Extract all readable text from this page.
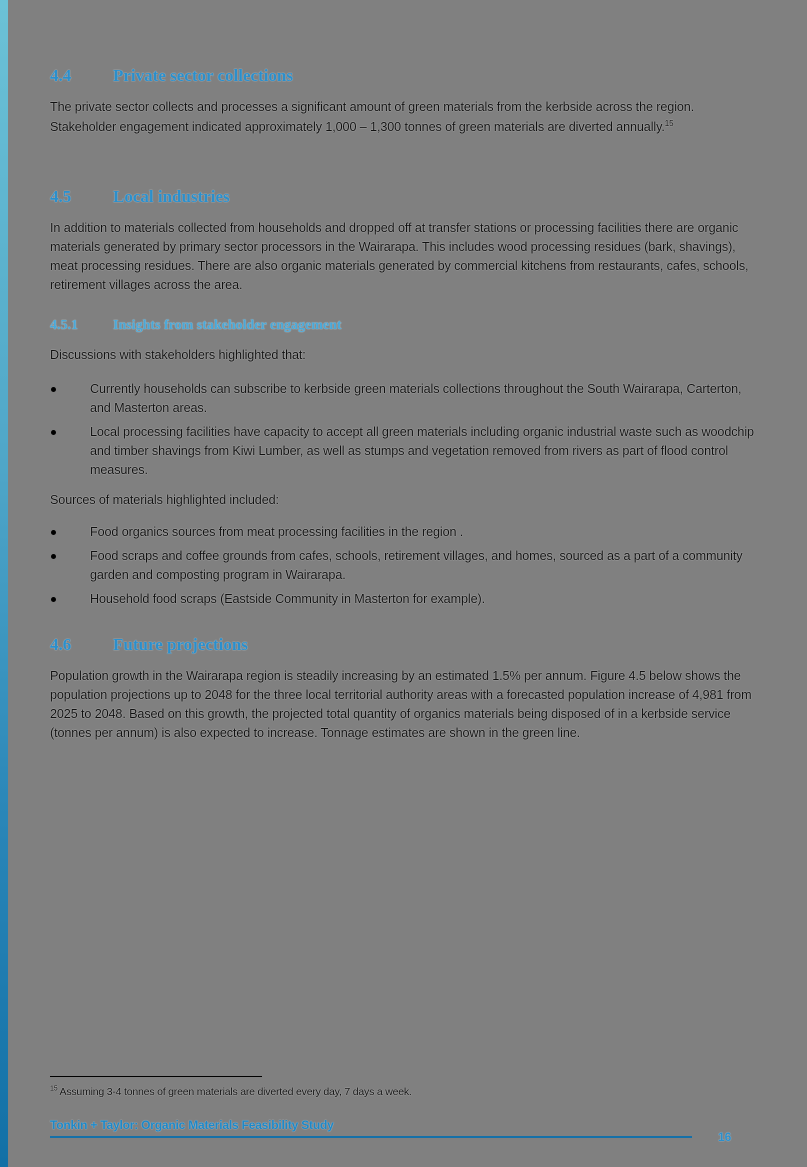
4.4 Private sector collections
The private sector collects and processes a significant amount of green materials from the kerbside across the region. Stakeholder engagement indicated approximately 1,000 – 1,300 tonnes of green materials are diverted annually.$^{15}$
4.5 Local industries
In addition to materials collected from households and dropped off at transfer stations or processing facilities there are organic materials generated by primary sector processors in the Wairarapa. This includes wood processing residues (bark, shavings), meat processing residues. There are also organic materials generated by commercial kitchens from restaurants, cafes, schools, retirement villages across the area.
4.5.1	Insights from stakeholder engagement
Discussions with stakeholders highlighted that:
Currently households can subscribe to kerbside green materials collections throughout the South Wairarapa, Carterton, and Masterton areas.
Local processing facilities have capacity to accept all green materials including organic industrial waste such as woodchip and timber shavings from Kiwi Lumber, as well as stumps and vegetation removed from rivers as part of flood control measures.
Sources of materials highlighted included:
Food organics sources from meat processing facilities in the region .
Food scraps and coffee grounds from cafes, schools, retirement villages, and homes, sourced as a part of a community garden and composting program in Wairarapa.
Household food scraps (Eastside Community in Masterton for example).
4.6 Future projections
Population growth in the Wairarapa region is steadily increasing by an estimated 1.5% per annum. Figure 4.5 below shows the population projections up to 2048 for the three local territorial authority areas with a forecasted population increase of 4,981 from 2025 to 2048. Based on this growth, the projected total quantity of organics materials being disposed of in a kerbside service (tonnes per annum) is also expected to increase. Tonnage estimates are shown in the green line.
$^{15}$ Assuming 3-4 tonnes of green materials are diverted every day, 7 days a week.
Tonkin + Taylor: Organic Materials Feasibility Study
16
